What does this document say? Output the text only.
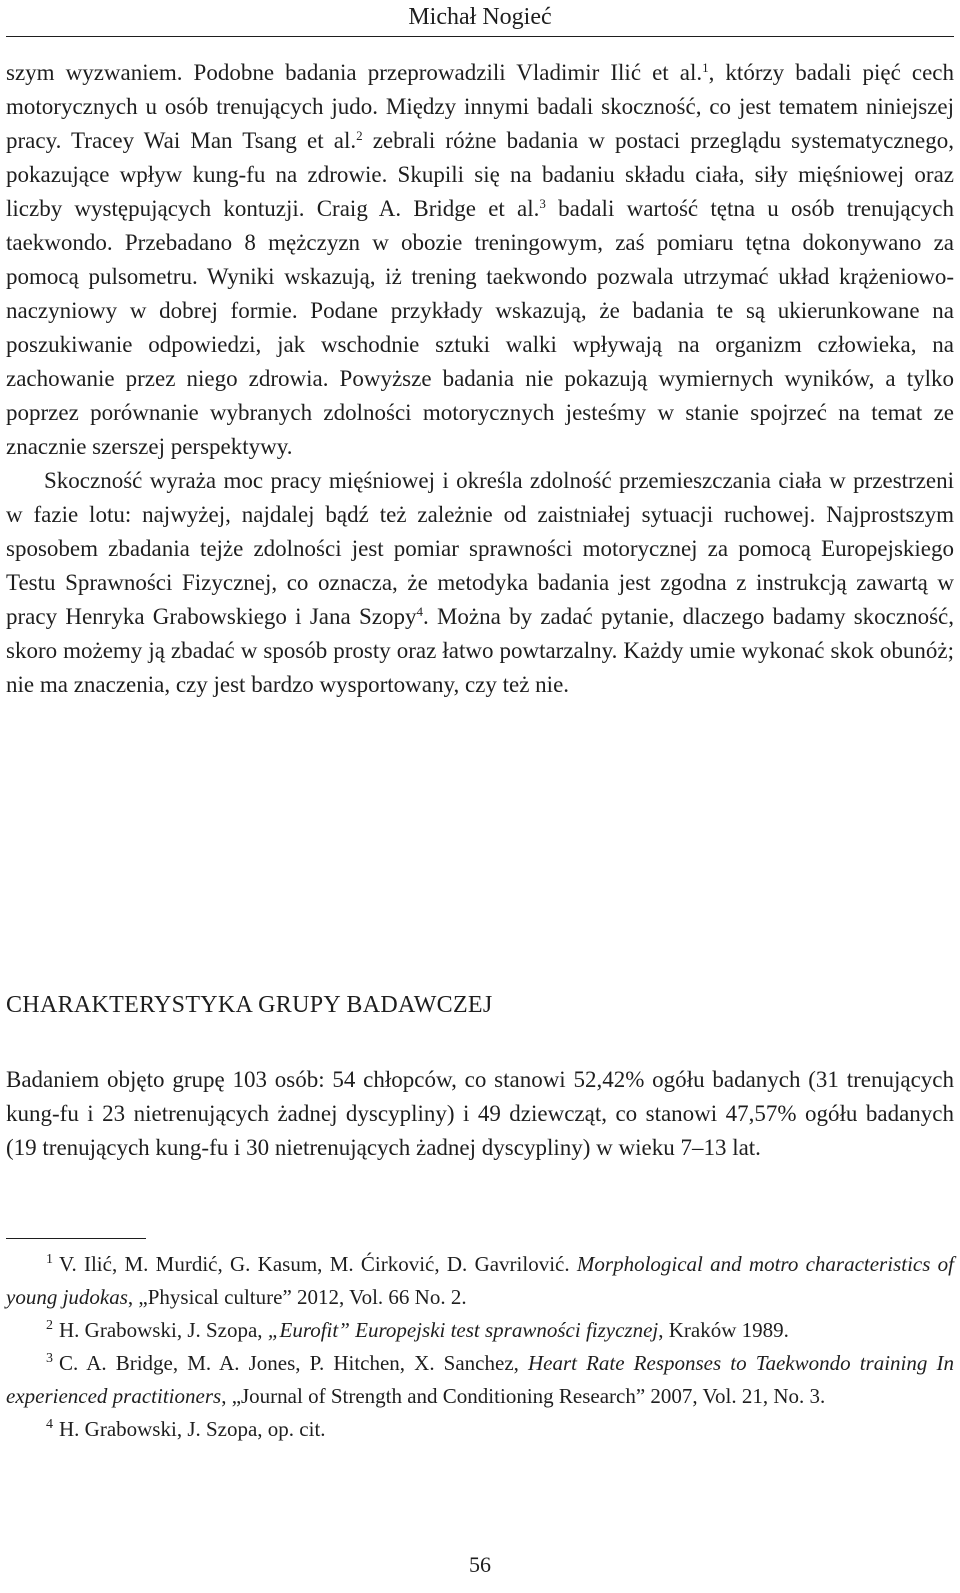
Michał Nogieć

szym wyzwaniem. Podobne badania przeprowadzili Vladimir Ilić et al.$^1$, którzy badali pięć cech motorycznych u osób trenujących judo. Między innymi badali skoczność, co jest tematem niniejszej pracy. Tracey Wai Man Tsang et al.$^2$ zebrali różne badania w postaci przeglądu systematycznego, pokazujące wpływ kung-fu na zdrowie. Skupili się na badaniu składu ciała, siły mięśniowej oraz liczby występujących kontuzji. Craig A. Bridge et al.$^3$ badali wartość tętna u osób trenujących taekwondo. Przebadano 8 mężczyzn w obozie treningowym, zaś pomiaru tętna dokonywano za pomocą pulsometru. Wyniki wskazują, iż trening taekwondo pozwala utrzymać układ krążeniowo-naczyniowy w dobrej formie. Podane przykłady wskazują, że badania te są ukierunkowane na poszukiwanie odpowiedzi, jak wschodnie sztuki walki wpływają na organizm człowieka, na zachowanie przez niego zdrowia. Powyższe badania nie pokazują wymiernych wyników, a tylko poprzez porównanie wybranych zdolności motorycznych jesteśmy w stanie spojrzeć na temat ze znacznie szerszej perspektywy.

Skoczność wyraża moc pracy mięśniowej i określa zdolność przemieszczania ciała w przestrzeni w fazie lotu: najwyżej, najdalej bądź też zależnie od zaistniałej sytuacji ruchowej. Najprostszym sposobem zbadania tejże zdolności jest pomiar sprawności motorycznej za pomocą Europejskiego Testu Sprawności Fizycznej, co oznacza, że metodyka badania jest zgodna z instrukcją zawartą w pracy Henryka Grabowskiego i Jana Szopy$^4$. Można by zadać pytanie, dlaczego badamy skoczność, skoro możemy ją zbadać w sposób prosty oraz łatwo powtarzalny. Każdy umie wykonać skok obunóż; nie ma znaczenia, czy jest bardzo wysportowany, czy też nie.

CHARAKTERYSTYKA GRUPY BADAWCZEJ

Badaniem objęto grupę 103 osób: 54 chłopców, co stanowi 52,42% ogółu badanych (31 trenujących kung-fu i 23 nietrenujących żadnej dyscypliny) i 49 dziewcząt, co stanowi 47,57% ogółu badanych (19 trenujących kung-fu i 30 nietrenujących żadnej dyscypliny) w wieku 7–13 lat.

$^1$ V. Ilić, M. Murdić, G. Kasum, M. Ćirković, D. Gavrilović. Morphological and motro characteristics of young judokas, „Physical culture” 2012, Vol. 66 No. 2.

$^2$ H. Grabowski, J. Szopa, „Eurofit” Europejski test sprawności fizycznej, Kraków 1989.

$^3$ C. A. Bridge, M. A. Jones, P. Hitchen, X. Sanchez, Heart Rate Responses to Taekwondo training In experienced practitioners, „Journal of Strength and Conditioning Research” 2007, Vol. 21, No. 3.

$^4$ H. Grabowski, J. Szopa, op. cit.

56
